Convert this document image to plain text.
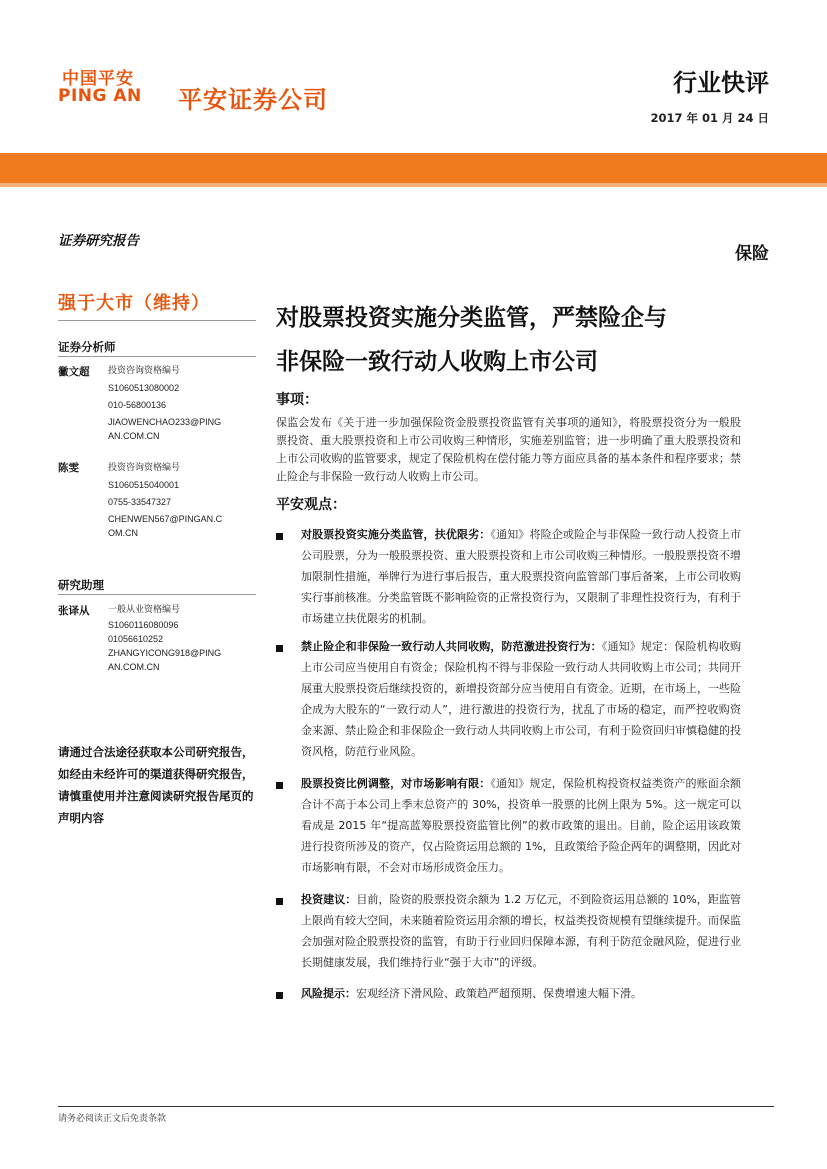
中国平安
PING AN 平安证券公司
行业快评
2017 年 01 月 24 日
证券研究报告
保险
强于大市（维持）
证券分析师
黴文超 投资咨询资格编号
S1060513080002
010-56800136
JIAOWENCHAO233@PING
AN.COM.CN
陈雯	投资咨询资格编号
S1060515040001
0755-33547327
CHENWEN567@PINGAN.C
OM.CN
研究助理
张译从 一般从业资格编号
S1060116080096
01056610252
ZHANGYICONG918@PING
AN.COM.CN
请通过合法途径获取本公司研究报告，如经由未经许可的渠道获得研究报告，请慎重使用并注意阅读研究报告尾页的声明内容
对股票投资实施分类监管，严禁险企与
非保险一致行动人收购上市公司
事项：
保监会发布《关于进一步加强保险资金股票投资监管有关事项的通知》，将股票投资分为一般股票投资、重大股票投资和上市公司收购三种情形，实施差别监管；进一步明确了重大股票投资和上市公司收购的监管要求，规定了保险机构在偿付能力等方面应具备的基本条件和程序要求；禁止险企与非保险一致行动人收购上市公司。
平安观点：
对股票投资实施分类监管，扶优限劣：《通知》将险企或险企与非保险一致行动人投资上市公司股票，分为一般股票投资、重大股票投资和上市公司收购三种情形。一般股票投资不增加限制性措施，举牌行为进行事后报告，重大股票投资向监管部门事后备案，上市公司收购实行事前核准。分类监管既不影响险资的正常投资行为，又限制了非理性投资行为，有利于市场建立扶优限劣的机制。
禁止险企和非保险一致行动人共同收购，防范激进投资行为：《通知》规定：保险机构收购上市公司应当使用自有资金；保险机构不得与非保险一致行动人共同收购上市公司；共同开展重大股票投资后继续投资的，新增投资部分应当使用自有资金。近期，在市场上，一些险企成为大股东的“一致行动人”，进行激进的投资行为，扰乱了市场的稳定，而严控收购资金来源、禁止险企和非保险企一致行动人共同收购上市公司，有利于险资回归审慎稳健的投资风格，防范行业风险。
股票投资比例调整，对市场影响有限：《通知》规定，保险机构投资权益类资产的账面余额合计不高于本公司上季末总资产的 30%，投资单一股票的比例上限为 5%。这一规定可以看成是 2015 年“提高蓝筹股票投资监管比例”的救市政策的退出。目前，险企运用该政策进行投资所涉及的资产，仅占险资运用总额的 1%，且政策给予险企两年的调整期，因此对市场影响有限，不会对市场形成资金压力。
投资建议：目前，险资的股票投资余额为 1.2 万亿元，不到险资运用总额的 10%，距监管上限尚有较大空间，未来随着险资运用余额的增长，权益类投资规模有望继续提升。而保监会加强对险企股票投资的监管，有助于行业回归保障本源，有利于防范金融风险，促进行业长期健康发展，我们维持行业“强于大市”的评级。
风险提示：宏观经济下滑风险、政策趋严超预期、保费增速大幅下滑。
请务必阅读正文后免责条款
